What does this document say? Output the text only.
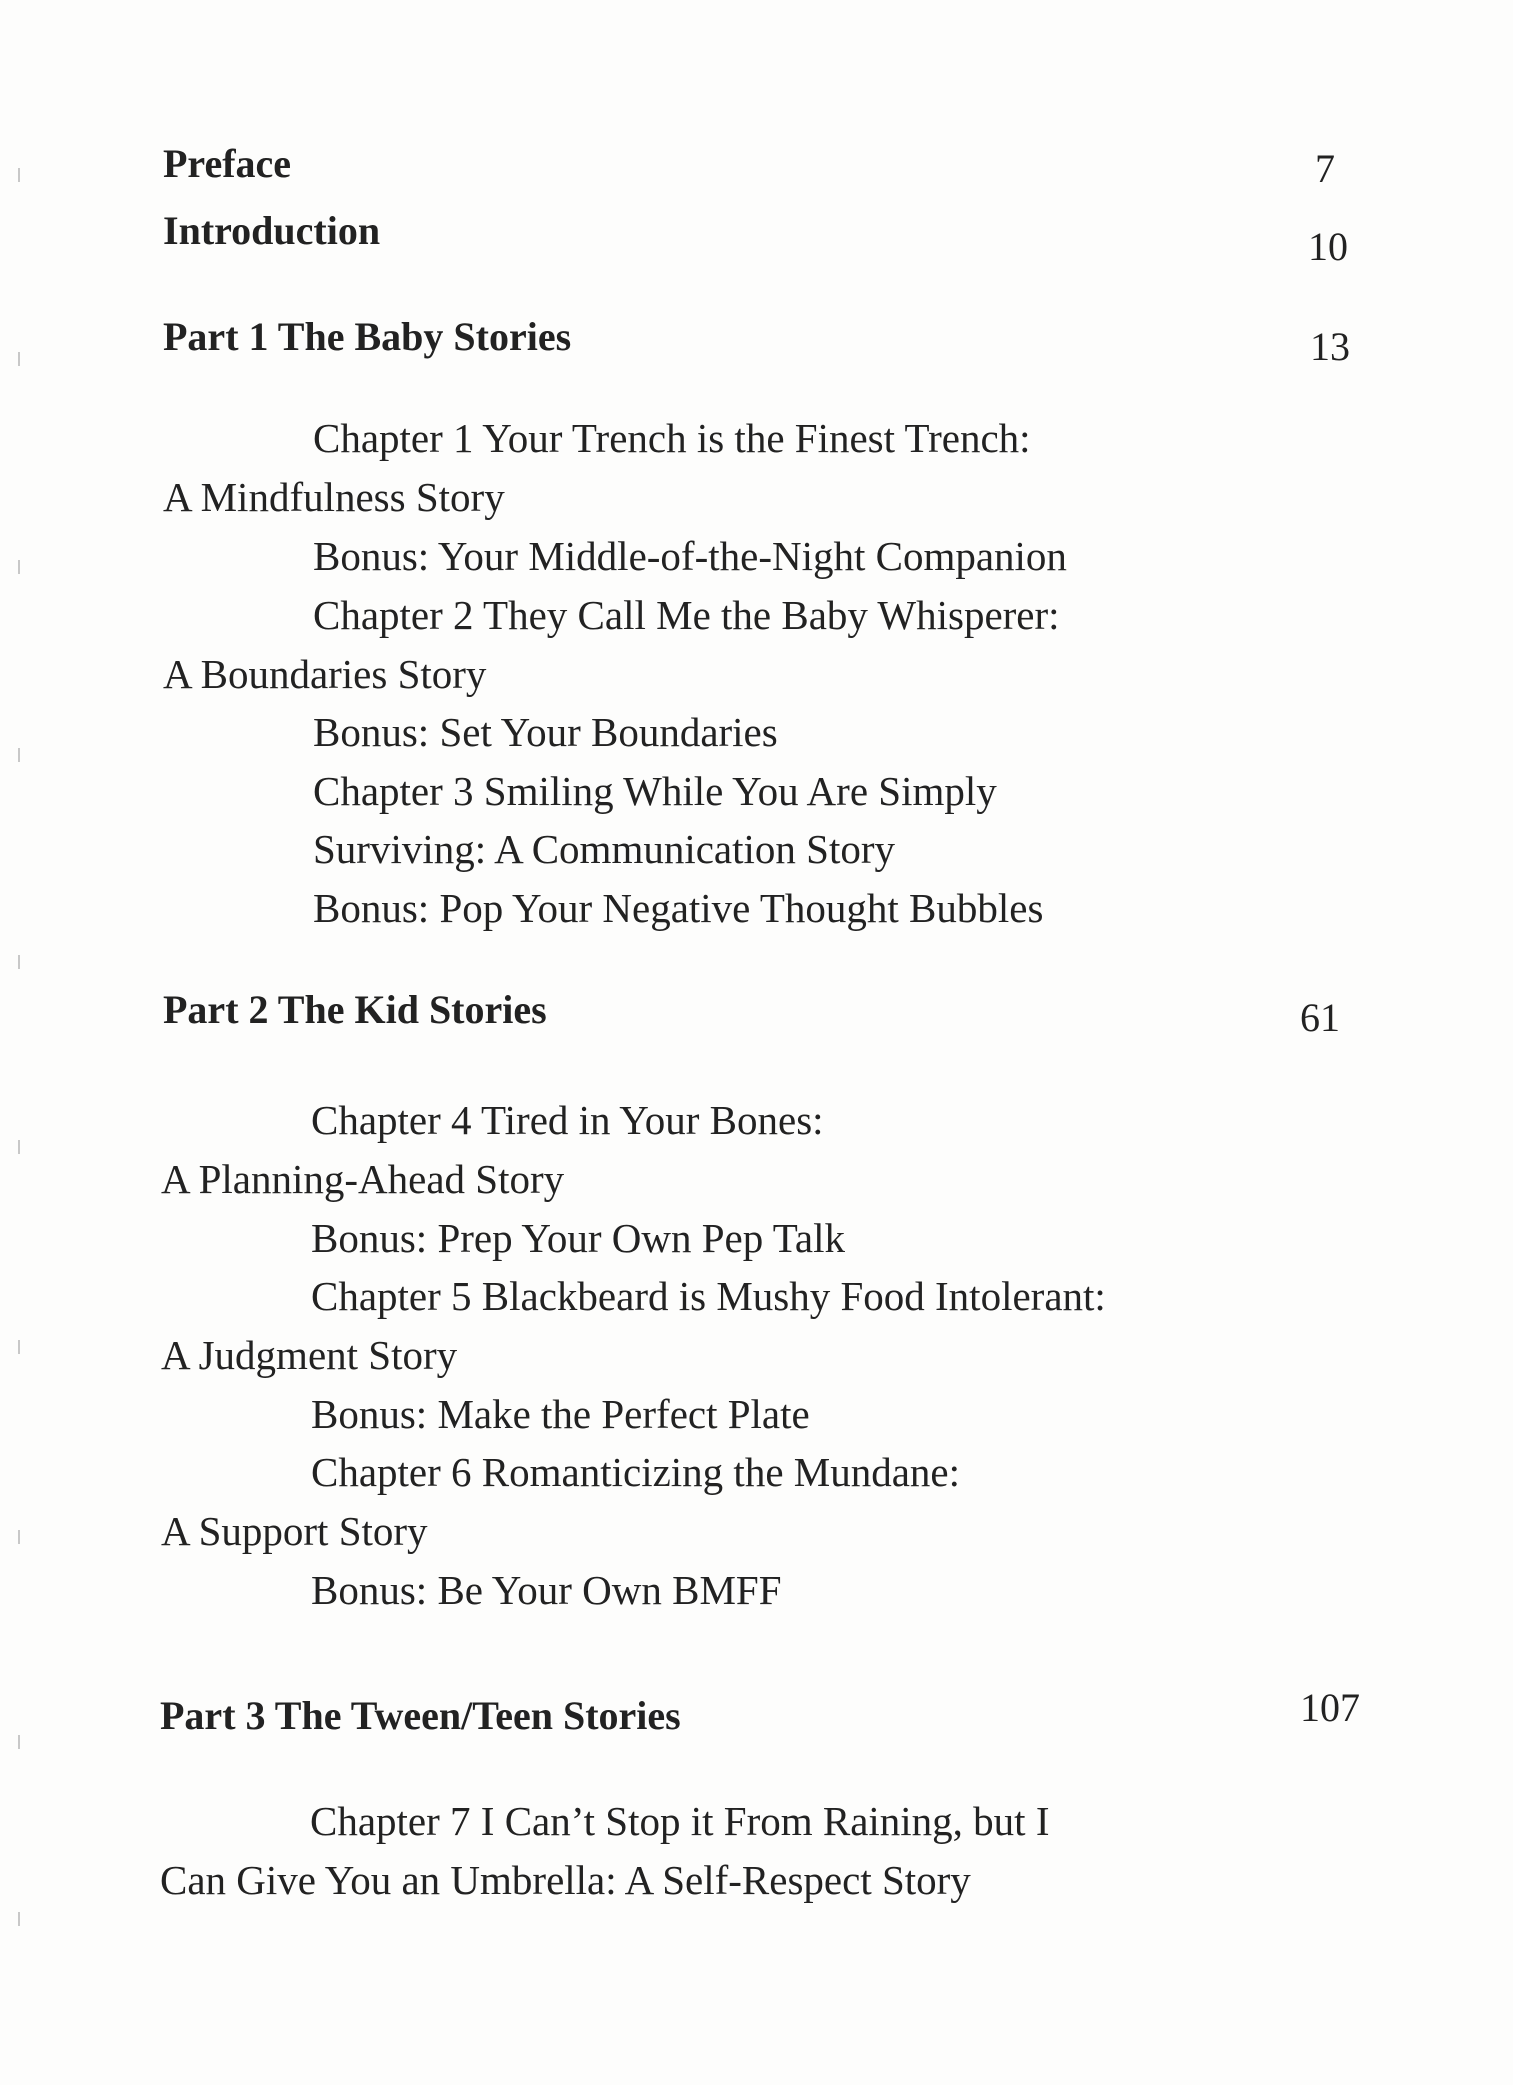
Preface	7
Introduction	10
Part 1 The Baby Stories	13
Chapter 1 Your Trench is the Finest Trench:
A Mindfulness Story
Bonus: Your Middle-of-the-Night Companion
Chapter 2 They Call Me the Baby Whisperer:
A Boundaries Story
Bonus: Set Your Boundaries
Chapter 3 Smiling While You Are Simply
Surviving: A Communication Story
Bonus: Pop Your Negative Thought Bubbles
Part 2 The Kid Stories	61
Chapter 4 Tired in Your Bones:
A Planning-Ahead Story
Bonus: Prep Your Own Pep Talk
Chapter 5 Blackbeard is Mushy Food Intolerant:
A Judgment Story
Bonus: Make the Perfect Plate
Chapter 6 Romanticizing the Mundane:
A Support Story
Bonus: Be Your Own BMFF
Part 3 The Tween/Teen Stories	107
Chapter 7 I Can’t Stop it From Raining, but I
Can Give You an Umbrella: A Self-Respect Story
